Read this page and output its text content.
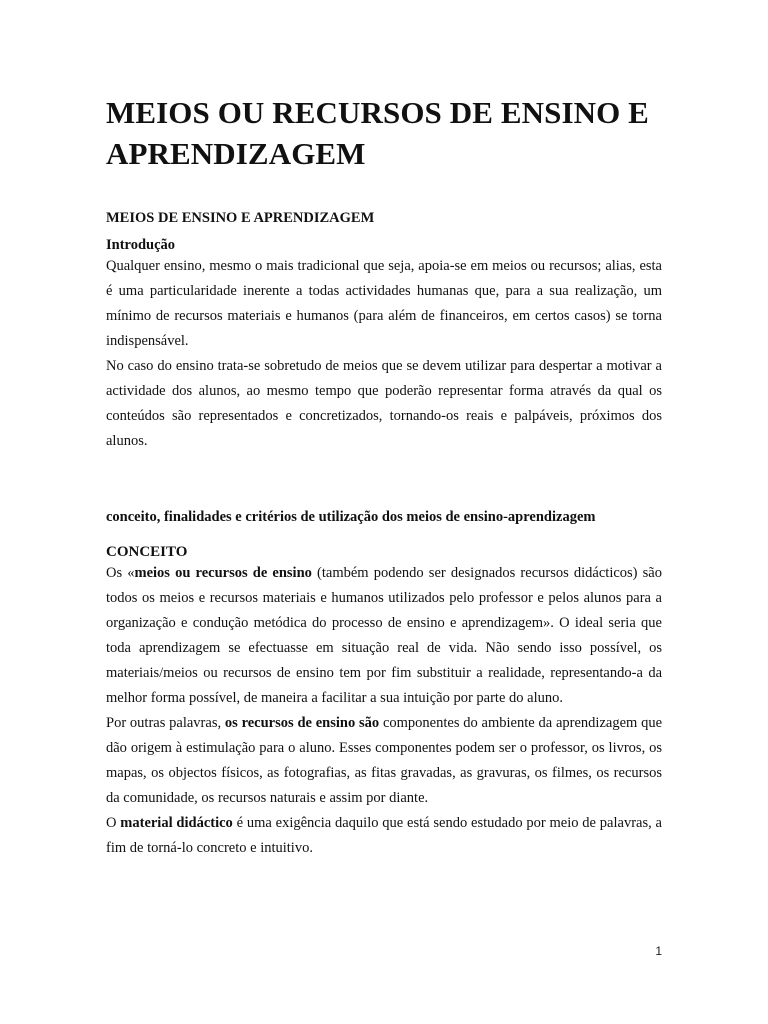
MEIOS OU RECURSOS DE ENSINO E APRENDIZAGEM

MEIOS DE ENSINO E APRENDIZAGEM

Introdução

Qualquer ensino, mesmo o mais tradicional que seja, apoia-se em meios ou recursos; alias, esta é uma particularidade inerente a todas actividades humanas que, para a sua realização, um mínimo de recursos materiais e humanos (para além de financeiros, em certos casos) se torna indispensável.

No caso do ensino trata-se sobretudo de meios que se devem utilizar para despertar a motivar a actividade dos alunos, ao mesmo tempo que poderão representar forma através da qual os conteúdos são representados e concretizados, tornando-os reais e palpáveis, próximos dos alunos.

conceito, finalidades e critérios de utilização dos meios de ensino-aprendizagem

CONCEITO

Os «meios ou recursos de ensino (também podendo ser designados recursos didácticos) são todos os meios e recursos materiais e humanos utilizados pelo professor e pelos alunos para a organização e condução metódica do processo de ensino e aprendizagem». O ideal seria que toda aprendizagem se efectuasse em situação real de vida. Não sendo isso possível, os materiais/meios ou recursos de ensino tem por fim substituir a realidade, representando-a da melhor forma possível, de maneira a facilitar a sua intuição por parte do aluno.

Por outras palavras, os recursos de ensino são componentes do ambiente da aprendizagem que dão origem à estimulação para o aluno. Esses componentes podem ser o professor, os livros, os mapas, os objectos físicos, as fotografias, as fitas gravadas, as gravuras, os filmes, os recursos da comunidade, os recursos naturais e assim por diante.

O material didáctico é uma exigência daquilo que está sendo estudado por meio de palavras, a fim de torná-lo concreto e intuitivo.

1
